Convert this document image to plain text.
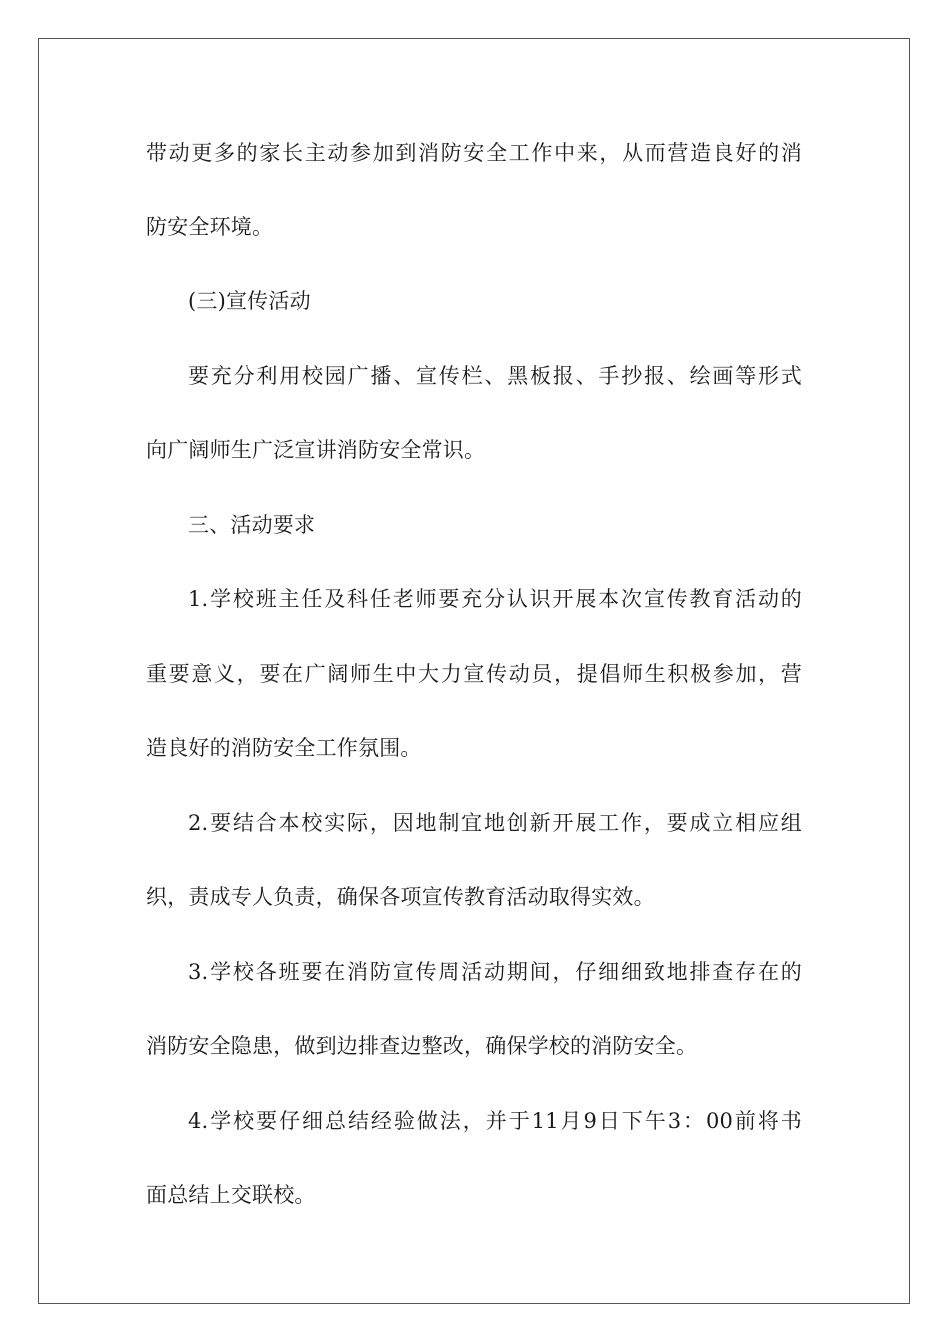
带动更多的家长主动参加到消防安全工作中来，从而营造良好的消
防安全环境。
(三)宣传活动
要充分利用校园广播、宣传栏、黑板报、手抄报、绘画等形式
向广阔师生广泛宣讲消防安全常识。
三、活动要求
1.学校班主任及科任老师要充分认识开展本次宣传教育活动的
重要意义，要在广阔师生中大力宣传动员，提倡师生积极参加，营
造良好的消防安全工作氛围。
2.要结合本校实际，因地制宜地创新开展工作，要成立相应组
织，责成专人负责，确保各项宣传教育活动取得实效。
3.学校各班要在消防宣传周活动期间，仔细细致地排查存在的
消防安全隐患，做到边排查边整改，确保学校的消防安全。
4.学校要仔细总结经验做法，并于11月9日下午3：00前将书
面总结上交联校。
